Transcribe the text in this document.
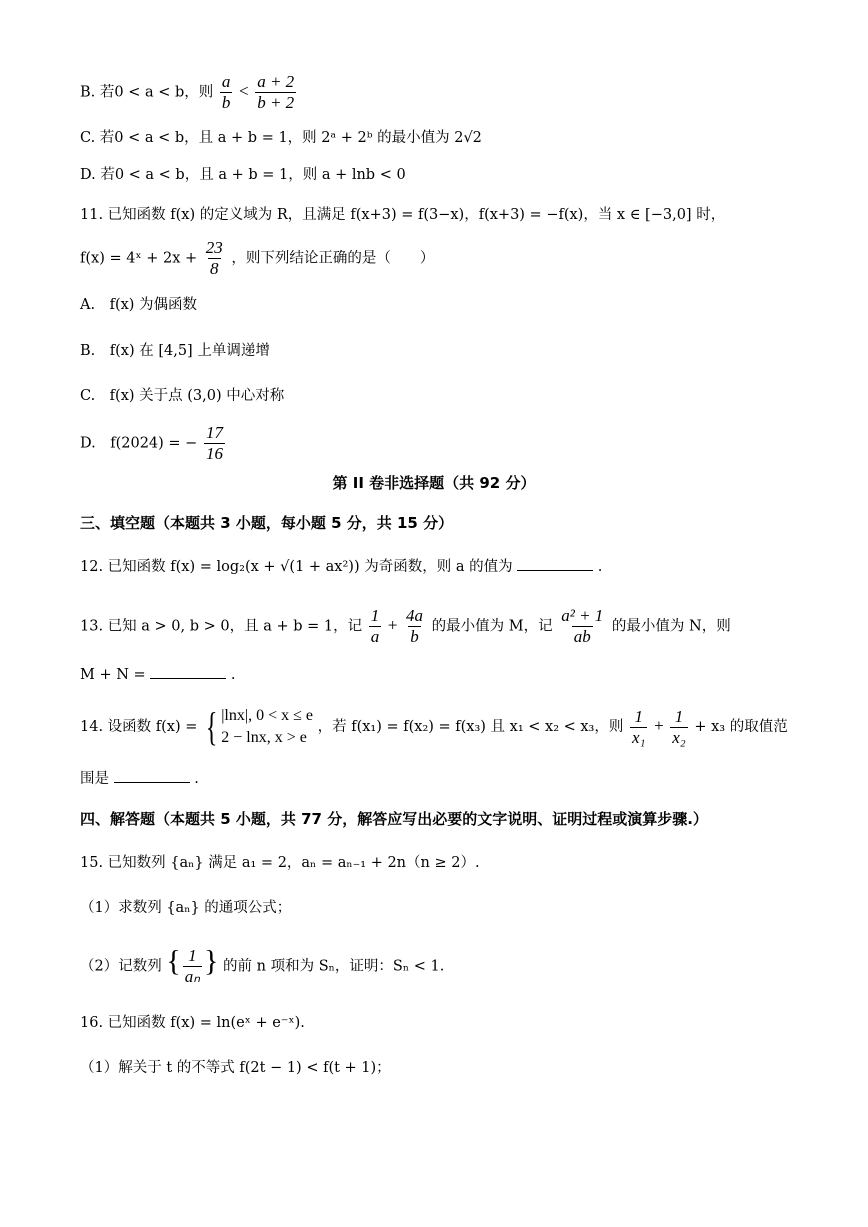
B. 若0 < a < b，则 $\frac{a}{b} < \frac{a + 2}{b + 2}$
C. 若0 < a < b，且 a + b = 1，则 2ᵃ + 2ᵇ 的最小值为 2√2
D. 若0 < a < b，且 a + b = 1，则 a + lnb < 0
11. 已知函数 f(x) 的定义域为 R，且满足 f(x+3) = f(3−x)，f(x+3) = −f(x)，当 x ∈ [−3,0] 时，
f(x) = 4ˣ + $2x + \frac{23}{8}$ ，则下列结论正确的是（　　）
A.　f(x) 为偶函数
B.　f(x) 在 [4,5] 上单调递增
C.　f(x) 关于点 (3,0) 中心对称
D.　f(2024) = − $\frac{17}{16}$
第 II 卷非选择题（共 92 分）
三、填空题（本题共 3 小题，每小题 5 分，共 15 分）
12. 已知函数 f(x) = log₂(x + √(1 + ax²)) 为奇函数，则 a 的值为	.
13. 已知 a > 0, b > 0，且 a + b = 1，记 $\frac{1}{a} + \frac{4a}{b}$ 的最小值为 M，记 $\frac{\text{a² + 1}}{ab}$ 的最小值为 N，则
M + N =	.
14. 设函数 f(x) = { |lnx|, 0 < x ≤ e
2 − lnx, x > e
，若 f(x₁) = f(x₂) = f(x₃) 且 x₁ < x₂ < x₃，则 $\frac{1}{\text{x₁}} + \frac{1}{\text{x₂}} + x_3$ 的取值范
围是	.
四、解答题（本题共 5 小题，共 77 分，解答应写出必要的文字说明、证明过程或演算步骤.）
15. 已知数列 {aₙ} 满足 a₁ = 2，aₙ = aₙ₋₁ + 2n（n ≥ 2）.
（1）求数列 {aₙ} 的通项公式；
（2）记数列 { $\frac{1}{\text{aₙ}}$ } 的前 n 项和为 Sₙ，证明：Sₙ < 1.
16. 已知函数 f(x) = ln(eˣ + e⁻ˣ).
（1）解关于 t 的不等式 f(2t − 1) < f(t + 1)；
